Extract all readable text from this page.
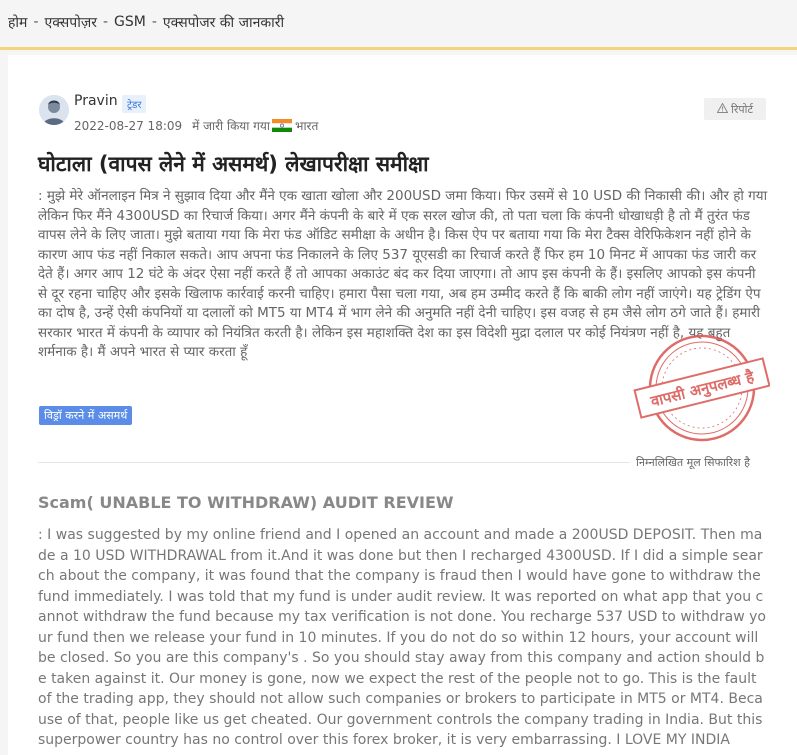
होम - एक्सपोज़र - GSM - एक्सपोजर की जानकारी
Pravin ट्रेडर
2022-08-27 18:09 में जारी किया गया भारत
रिपोर्ट
घोटाला (वापस लेने में असमर्थ) लेखापरीक्षा समीक्षा
: मुझे मेरे ऑनलाइन मित्र ने सुझाव दिया और मैंने एक खाता खोला और 200USD जमा किया। फिर उसमें से 10 USD की निकासी की। और हो गया लेकिन फिर मैंने 4300USD का रिचार्ज किया। अगर मैंने कंपनी के बारे में एक सरल खोज की, तो पता चला कि कंपनी धोखाधड़ी है तो मैं तुरंत फंड वापस लेने के लिए जाता। मुझे बताया गया कि मेरा फंड ऑडिट समीक्षा के अधीन है। किस ऐप पर बताया गया कि मेरा टैक्स वेरिफिकेशन नहीं होने के कारण आप फंड नहीं निकाल सकते। आप अपना फंड निकालने के लिए 537 यूएसडी का रिचार्ज करते हैं फिर हम 10 मिनट में आपका फंड जारी कर देते हैं। अगर आप 12 घंटे के अंदर ऐसा नहीं करते हैं तो आपका अकाउंट बंद कर दिया जाएगा। तो आप इस कंपनी के हैं। इसलिए आपको इस कंपनी से दूर रहना चाहिए और इसके खिलाफ कार्रवाई करनी चाहिए। हमारा पैसा चला गया, अब हम उम्मीद करते हैं कि बाकी लोग नहीं जाएंगे। यह ट्रेडिंग ऐप का दोष है, उन्हें ऐसी कंपनियों या दलालों को MT5 या MT4 में भाग लेने की अनुमति नहीं देनी चाहिए। इस वजह से हम जैसे लोग ठगे जाते हैं। हमारी सरकार भारत में कंपनी के व्यापार को नियंत्रित करती है। लेकिन इस महाशक्ति देश का इस विदेशी मुद्रा दलाल पर कोई नियंत्रण नहीं है, यह बहुत शर्मनाक है। मैं अपने भारत से प्यार करता हूँ
विड्रॉ करने में असमर्थ
वापसी अनुपलब्ध है
निम्नलिखित मूल सिफारिश है
Scam( UNABLE TO WITHDRAW) AUDIT REVIEW
: I was suggested by my online friend and I opened an account and made a 200USD DEPOSIT. Then made a 10 USD WITHDRAWAL from it.And it was done but then I recharged 4300USD. If I did a simple search about the company, it was found that the company is fraud then I would have gone to withdraw the fund immediately. I was told that my fund is under audit review. It was reported on what app that you cannot withdraw the fund because my tax verification is not done. You recharge 537 USD to withdraw your fund then we release your fund in 10 minutes. If you do not do so within 12 hours, your account will be closed. So you are this company's . So you should stay away from this company and action should be taken against it. Our money is gone, now we expect the rest of the people not to go. This is the fault of the trading app, they should not allow such companies or brokers to participate in MT5 or MT4. Because of that, people like us get cheated. Our government controls the company trading in India. But this superpower country has no control over this forex broker, it is very embarrassing. I LOVE MY INDIA
